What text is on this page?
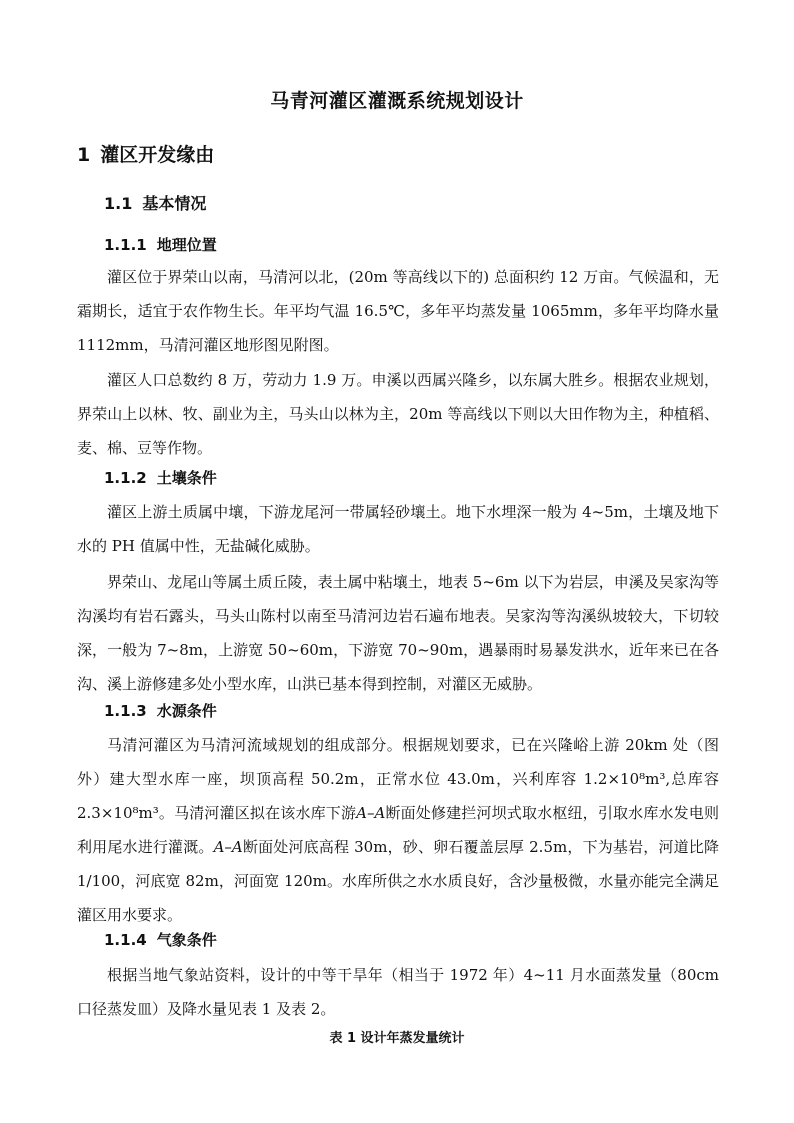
马青河灌区灌溉系统规划设计
1 灌区开发缘由
1.1 基本情况
1.1.1 地理位置

灌区位于界荣山以南，马清河以北，(20m 等高线以下的) 总面积约 12 万亩。气候温和，无霜期长，适宜于农作物生长。年平均气温 16.5℃，多年平均蒸发量 1065mm，多年平均降水量 1112mm，马清河灌区地形图见附图。

灌区人口总数约 8 万，劳动力 1.9 万。申溪以西属兴隆乡，以东属大胜乡。根据农业规划，界荣山上以林、牧、副业为主，马头山以林为主，20m 等高线以下则以大田作物为主，种植稻、麦、棉、豆等作物。

1.1.2 土壤条件

灌区上游土质属中壤，下游龙尾河一带属轻砂壤土。地下水埋深一般为 4~5m，土壤及地下水的 PH 值属中性，无盐碱化威胁。

界荣山、龙尾山等属土质丘陵，表土属中粘壤土，地表 5~6m 以下为岩层，申溪及吴家沟等沟溪均有岩石露头，马头山陈村以南至马清河边岩石遍布地表。吴家沟等沟溪纵坡较大，下切较深，一般为 7~8m，上游宽 50~60m，下游宽 70~90m，遇暴雨时易暴发洪水，近年来已在各沟、溪上游修建多处小型水库，山洪已基本得到控制，对灌区无威胁。

1.1.3 水源条件

马清河灌区为马清河流域规划的组成部分。根据规划要求，已在兴隆峪上游 20km 处（图外）建大型水库一座，坝顶高程 50.2m，正常水位 43.0m，兴利库容 1.2×10⁸m³,总库容 2.3×10⁸m³。马清河灌区拟在该水库下游A–A断面处修建拦河坝式取水枢纽，引取水库水发电则利用尾水进行灌溉。A–A断面处河底高程 30m，砂、卵石覆盖层厚 2.5m，下为基岩，河道比降 1/100，河底宽 82m，河面宽 120m。水库所供之水水质良好，含沙量极微，水量亦能完全满足灌区用水要求。

1.1.4 气象条件

根据当地气象站资料，设计的中等干旱年（相当于 1972 年）4~11 月水面蒸发量（80cm 口径蒸发皿）及降水量见表 1 及表 2。

表 1 设计年蒸发量统计
